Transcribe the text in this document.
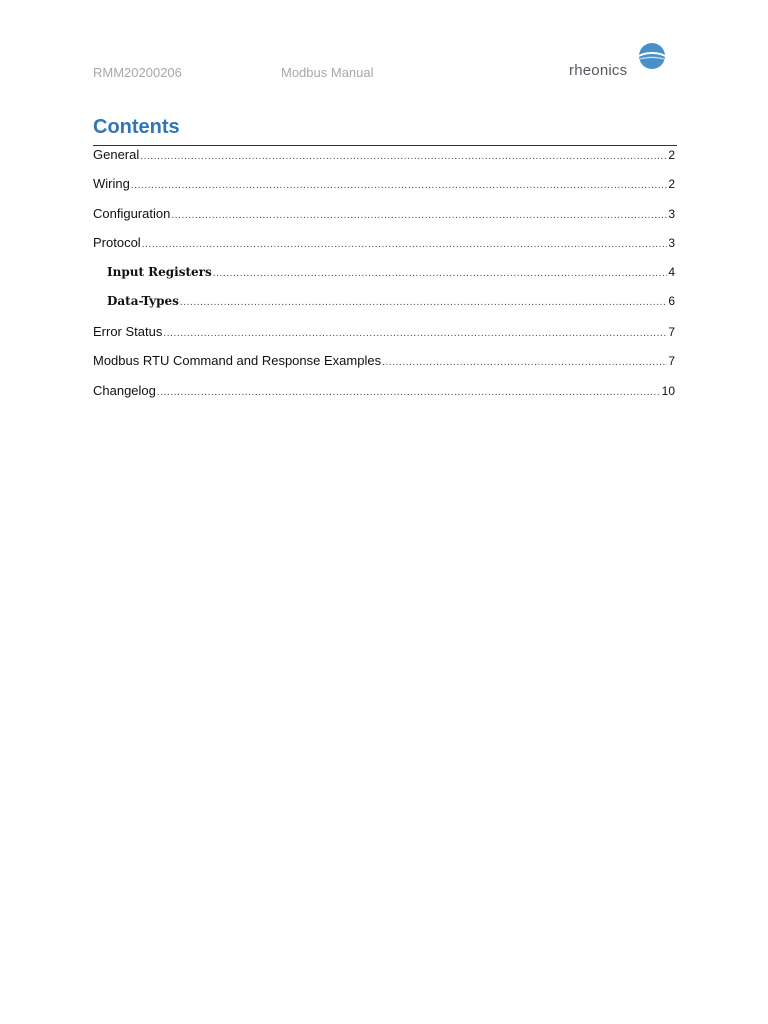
RMM20200206	Modbus Manual	rheonics
Contents
General .....	2
Wiring .....	2
Configuration .....	3
Protocol .....	3
Input Registers .....	4
Data-Types .....	6
Error Status .....	7
Modbus RTU Command and Response Examples .....	7
Changelog .....	10
